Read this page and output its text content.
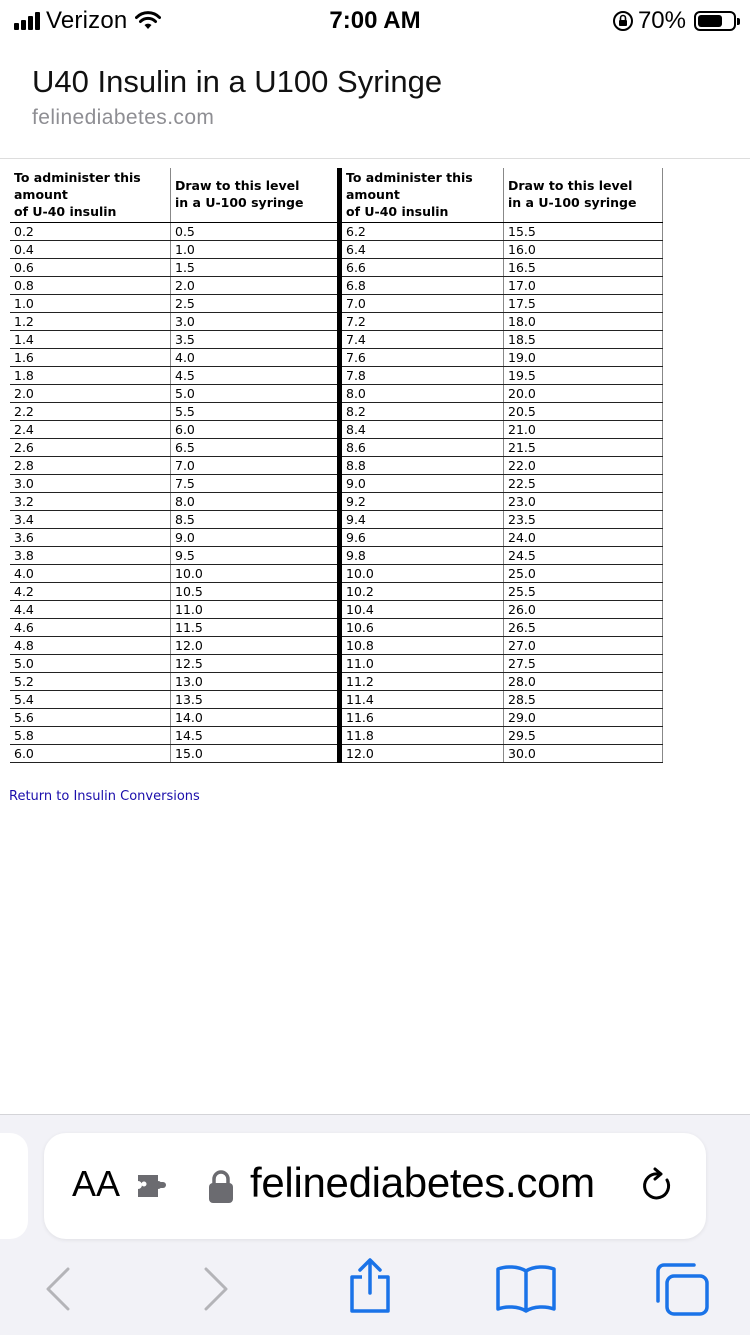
Verizon	7:00 AM	70%
U40 Insulin in a U100 Syringe
felinediabetes.com
To administer this
amount
of U-40 insulin	Draw to this level
in a U-100 syringe	To administer this
amount
of U-40 insulin	Draw to this level
in a U-100 syringe
0.2	0.5	6.2	15.5
0.4	1.0	6.4	16.0
0.6	1.5	6.6	16.5
0.8	2.0	6.8	17.0
1.0	2.5	7.0	17.5
1.2	3.0	7.2	18.0
1.4	3.5	7.4	18.5
1.6	4.0	7.6	19.0
1.8	4.5	7.8	19.5
2.0	5.0	8.0	20.0
2.2	5.5	8.2	20.5
2.4	6.0	8.4	21.0
2.6	6.5	8.6	21.5
2.8	7.0	8.8	22.0
3.0	7.5	9.0	22.5
3.2	8.0	9.2	23.0
3.4	8.5	9.4	23.5
3.6	9.0	9.6	24.0
3.8	9.5	9.8	24.5
4.0	10.0	10.0	25.0
4.2	10.5	10.2	25.5
4.4	11.0	10.4	26.0
4.6	11.5	10.6	26.5
4.8	12.0	10.8	27.0
5.0	12.5	11.0	27.5
5.2	13.0	11.2	28.0
5.4	13.5	11.4	28.5
5.6	14.0	11.6	29.0
5.8	14.5	11.8	29.5
6.0	15.0	12.0	30.0
Return to Insulin Conversions
AA	felinediabetes.com
